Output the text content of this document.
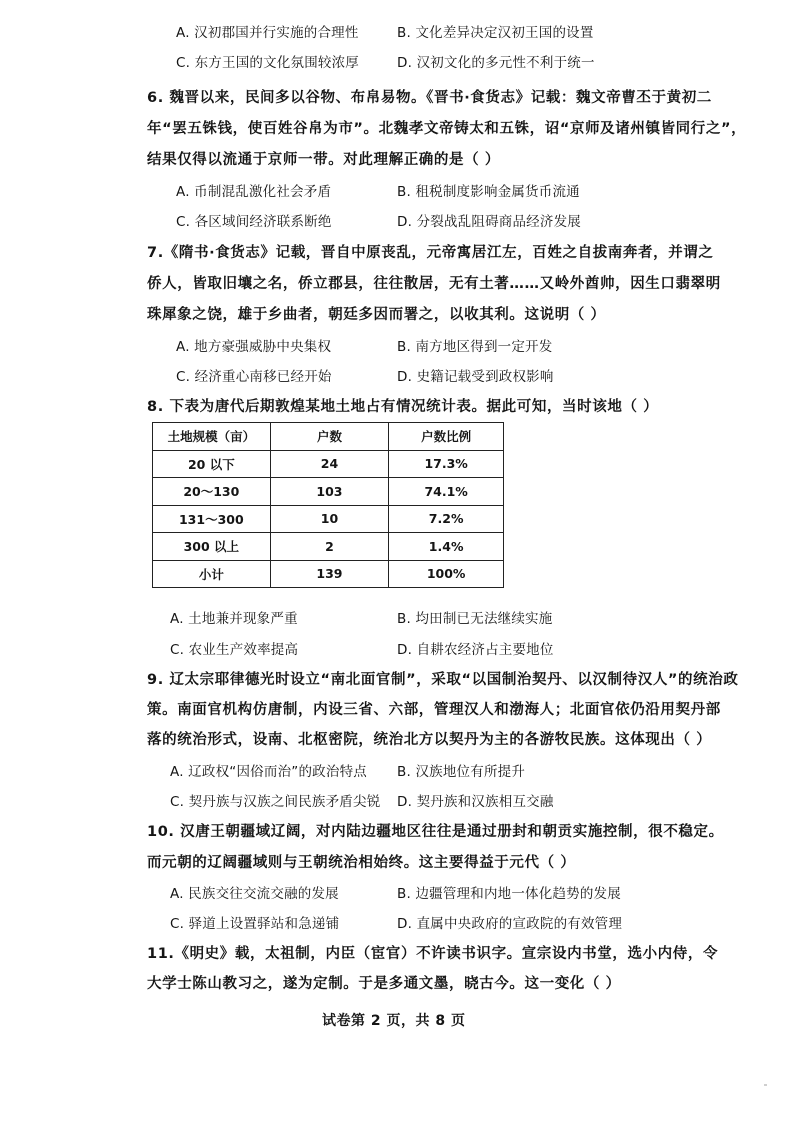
A. 汉初郡国并行实施的合理性	B. 文化差异决定汉初王国的设置
C. 东方王国的文化氛围较浓厚	D. 汉初文化的多元性不利于统一
6. 魏晋以来，民间多以谷物、布帛易物。《晋书·食货志》记载：魏文帝曹丕于黄初二
年“罢五铢钱，使百姓谷帛为市”。北魏孝文帝铸太和五铢，诏“京师及诸州镇皆同行之”，
结果仅得以流通于京师一带。对此理解正确的是（ ）
A. 币制混乱激化社会矛盾	B. 租税制度影响金属货币流通
C. 各区域间经济联系断绝	D. 分裂战乱阻碍商品经济发展
7.《隋书·食货志》记载，晋自中原丧乱，元帝寓居江左，百姓之自拔南奔者，并谓之
侨人，皆取旧壤之名，侨立郡县，往往散居，无有土著……又岭外酋帅，因生口翡翠明
珠犀象之饶，雄于乡曲者，朝廷多因而署之，以收其利。这说明（ ）
A. 地方豪强威胁中央集权	B. 南方地区得到一定开发
C. 经济重心南移已经开始	D. 史籍记载受到政权影响
8. 下表为唐代后期敦煌某地土地占有情况统计表。据此可知，当时该地（ ）
土地规模（亩）	户数	户数比例
20 以下	24	17.3%
20～130	103	74.1%
131～300	10	7.2%
300 以上	2	1.4%
小计	139	100%
A. 土地兼并现象严重	B. 均田制已无法继续实施
C. 农业生产效率提高	D. 自耕农经济占主要地位
9. 辽太宗耶律德光时设立“南北面官制”，采取“以国制治契丹、以汉制待汉人”的统治政
策。南面官机构仿唐制，内设三省、六部，管理汉人和渤海人；北面官依仍沿用契丹部
落的统治形式，设南、北枢密院，统治北方以契丹为主的各游牧民族。这体现出（ ）
A. 辽政权“因俗而治”的政治特点 B. 汉族地位有所提升
C. 契丹族与汉族之间民族矛盾尖锐 D. 契丹族和汉族相互交融
10. 汉唐王朝疆域辽阔，对内陆边疆地区往往是通过册封和朝贡实施控制，很不稳定。
而元朝的辽阔疆域则与王朝统治相始终。这主要得益于元代（ ）
A. 民族交往交流交融的发展	B. 边疆管理和内地一体化趋势的发展
C. 驿道上设置驿站和急递铺	D. 直属中央政府的宣政院的有效管理
11.《明史》载，太祖制，内臣（宦官）不许读书识字。宣宗设内书堂，选小内侍，令
大学士陈山教习之，遂为定制。于是多通文墨，晓古今。这一变化（ ）
试卷第 2 页，共 8 页
